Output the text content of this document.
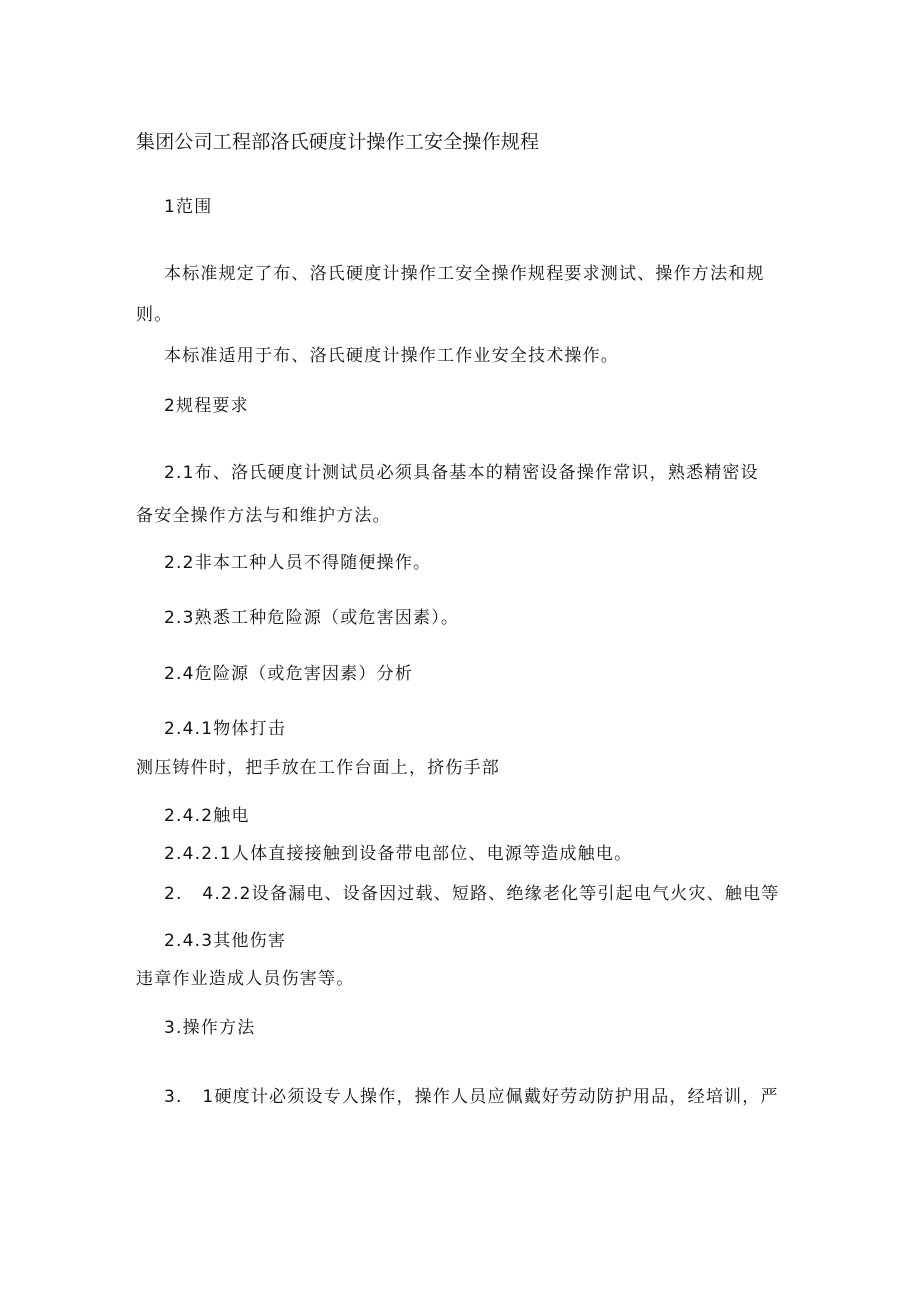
集团公司工程部洛氏硬度计操作工安全操作规程
1范围
本标准规定了布、洛氏硬度计操作工安全操作规程要求测试、操作方法和规
则。
本标准适用于布、洛氏硬度计操作工作业安全技术操作。
2规程要求
2.1布、洛氏硬度计测试员必须具备基本的精密设备操作常识，熟悉精密设
备安全操作方法与和维护方法。
2.2非本工种人员不得随便操作。
2.3熟悉工种危险源（或危害因素）。
2.4危险源（或危害因素）分析
2.4.1物体打击
测压铸件时，把手放在工作台面上，挤伤手部
2.4.2触电
2.4.2.1人体直接接触到设备带电部位、电源等造成触电。
2.   4.2.2设备漏电、设备因过载、短路、绝缘老化等引起电气火灾、触电等
2.4.3其他伤害
违章作业造成人员伤害等。
3.操作方法
3.   1硬度计必须设专人操作，操作人员应佩戴好劳动防护用品，经培训，严
